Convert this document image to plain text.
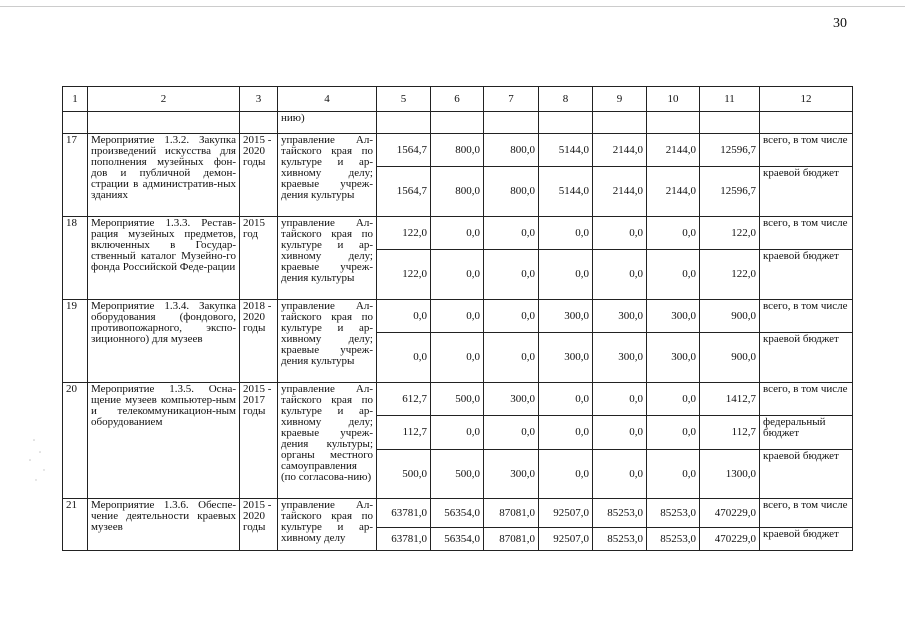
30
1	2	3	4	5	6	7	8	9	10	11	12
			нию)								
17	Мероприятие 1.3.2. Закупка произведений искусства для пополнения музейных фон-дов и публичной демон-страции в административ-ных зданиях	2015 - 2020 годы	управление Ал-тайского края по культуре и ар-хивному делу; краевые учреж-дения культуры	1564,7	800,0	800,0	5144,0	2144,0	2144,0	12596,7	всего, в том числе
				1564,7	800,0	800,0	5144,0	2144,0	2144,0	12596,7	краевой бюджет
18	Мероприятие 1.3.3. Рестав-рация музейных предметов, включенных в Государ-ственный каталог Музейно-го фонда Российской Феде-рации	2015 год	управление Ал-тайского края по культуре и ар-хивному делу; краевые учреж-дения культуры	122,0	0,0	0,0	0,0	0,0	0,0	122,0	всего, в том числе
				122,0	0,0	0,0	0,0	0,0	0,0	122,0	краевой бюджет
19	Мероприятие 1.3.4. Закупка оборудования (фондового, противопожарного, экспо-зиционного) для музеев	2018 - 2020 годы	управление Ал-тайского края по культуре и ар-хивному делу; краевые учреж-дения культуры	0,0	0,0	0,0	300,0	300,0	300,0	900,0	всего, в том числе
				0,0	0,0	0,0	300,0	300,0	300,0	900,0	краевой бюджет
20	Мероприятие 1.3.5. Осна-щение музеев компьютер-ным и телекоммуникацион-ным оборудованием	2015 - 2017 годы	управление Ал-тайского края по культуре и ар-хивному делу; краевые учреж-дения культуры; органы местного самоуправления (по согласова-нию)	612,7	500,0	300,0	0,0	0,0	0,0	1412,7	всего, в том числе
				112,7	0,0	0,0	0,0	0,0	0,0	112,7	федеральный бюджет
				500,0	500,0	300,0	0,0	0,0	0,0	1300,0	краевой бюджет
21	Мероприятие 1.3.6. Обеспе-чение деятельности краевых музеев	2015 - 2020 годы	управление Ал-тайского края по культуре и ар-хивному делу	63781,0	56354,0	87081,0	92507,0	85253,0	85253,0	470229,0	всего, в том числе
				63781,0	56354,0	87081,0	92507,0	85253,0	85253,0	470229,0	краевой бюджет
